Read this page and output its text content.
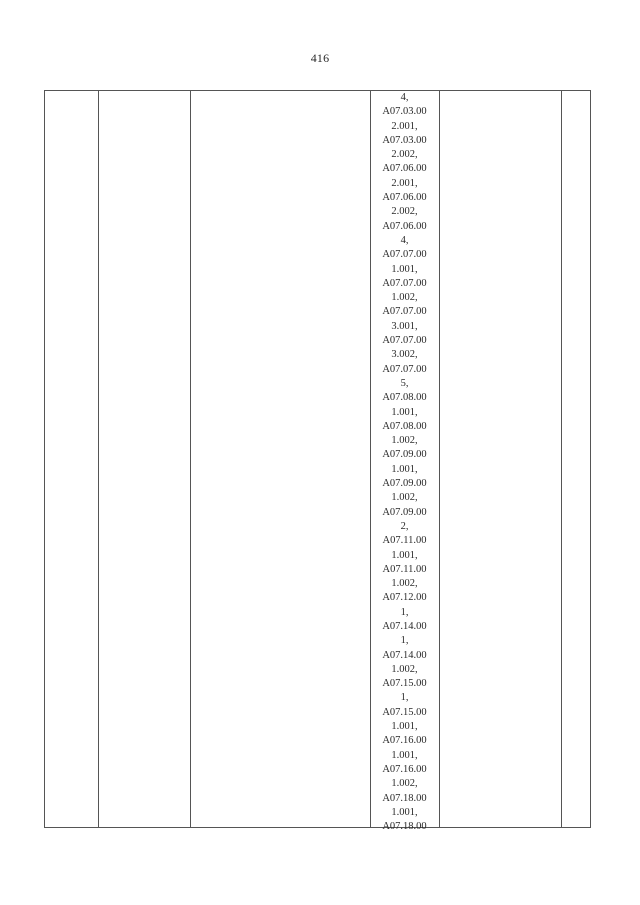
416
4,
A07.03.00
2.001,
A07.03.00
2.002,
A07.06.00
2.001,
A07.06.00
2.002,
A07.06.00
4,
A07.07.00
1.001,
A07.07.00
1.002,
A07.07.00
3.001,
A07.07.00
3.002,
A07.07.00
5,
A07.08.00
1.001,
A07.08.00
1.002,
A07.09.00
1.001,
A07.09.00
1.002,
A07.09.00
2,
A07.11.00
1.001,
A07.11.00
1.002,
A07.12.00
1,
A07.14.00
1,
A07.14.00
1.002,
A07.15.00
1,
A07.15.00
1.001,
A07.16.00
1.001,
A07.16.00
1.002,
A07.18.00
1.001,
A07.18.00
